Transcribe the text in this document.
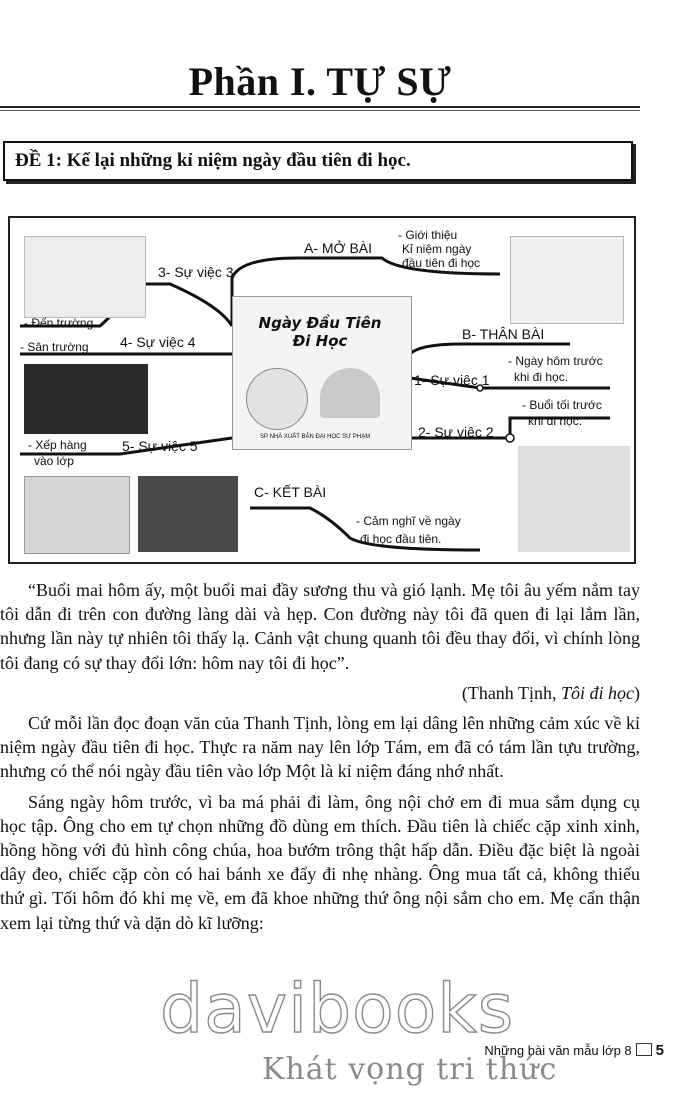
Phần I. TỰ SỰ
ĐỀ 1: Kể lại những kỉ niệm ngày đầu tiên đi học.
Ngày Đầu Tiên Đi Học
SP NHÀ XUẤT BẢN ĐẠI HỌC SƯ PHẠM
A- MỞ BÀI
B- THÂN BÀI
C- KẾT BÀI
- Giới thiệu
Kỉ niệm ngày
đầu tiên đi học
3- Sự việc 3
4- Sự việc 4
5- Sự việc 5
1- Sự việc 1
2- Sự việc 2
- Đến trường
- Sân trường
- Xếp hàng
vào lớp
- Ngày hôm trước
khi đi học.
- Buổi tối trước
khi đi học.
- Cảm nghĩ về ngày
đi học đầu tiên.

“Buổi mai hôm ấy, một buổi mai đầy sương thu và gió lạnh. Mẹ tôi âu yếm nắm tay tôi dẫn đi trên con đường làng dài và hẹp. Con đường này tôi đã quen đi lại lắm lần, nhưng lần này tự nhiên tôi thấy lạ. Cảnh vật chung quanh tôi đều thay đổi, vì chính lòng tôi đang có sự thay đổi lớn: hôm nay tôi đi học”.

(Thanh Tịnh, Tôi đi học)

Cứ mỗi lần đọc đoạn văn của Thanh Tịnh, lòng em lại dâng lên những cảm xúc về kỉ niệm ngày đầu tiên đi học. Thực ra năm nay lên lớp Tám, em đã có tám lần tựu trường, nhưng có thể nói ngày đầu tiên vào lớp Một là kỉ niệm đáng nhớ nhất.

Sáng ngày hôm trước, vì ba má phải đi làm, ông nội chở em đi mua sắm dụng cụ học tập. Ông cho em tự chọn những đồ dùng em thích. Đầu tiên là chiếc cặp xinh xinh, hồng hồng với đủ hình công chúa, hoa bướm trông thật hấp dẫn. Điều đặc biệt là ngoài dây đeo, chiếc cặp còn có hai bánh xe đẩy đi nhẹ nhàng. Ông mua tất cả, không thiếu thứ gì. Tối hôm đó khi mẹ về, em đã khoe những thứ ông nội sắm cho em. Mẹ cẩn thận xem lại từng thứ và dặn dò kĩ lưỡng:

davibooks
Khát vọng tri thức
Những bài văn mẫu lớp 8 5
